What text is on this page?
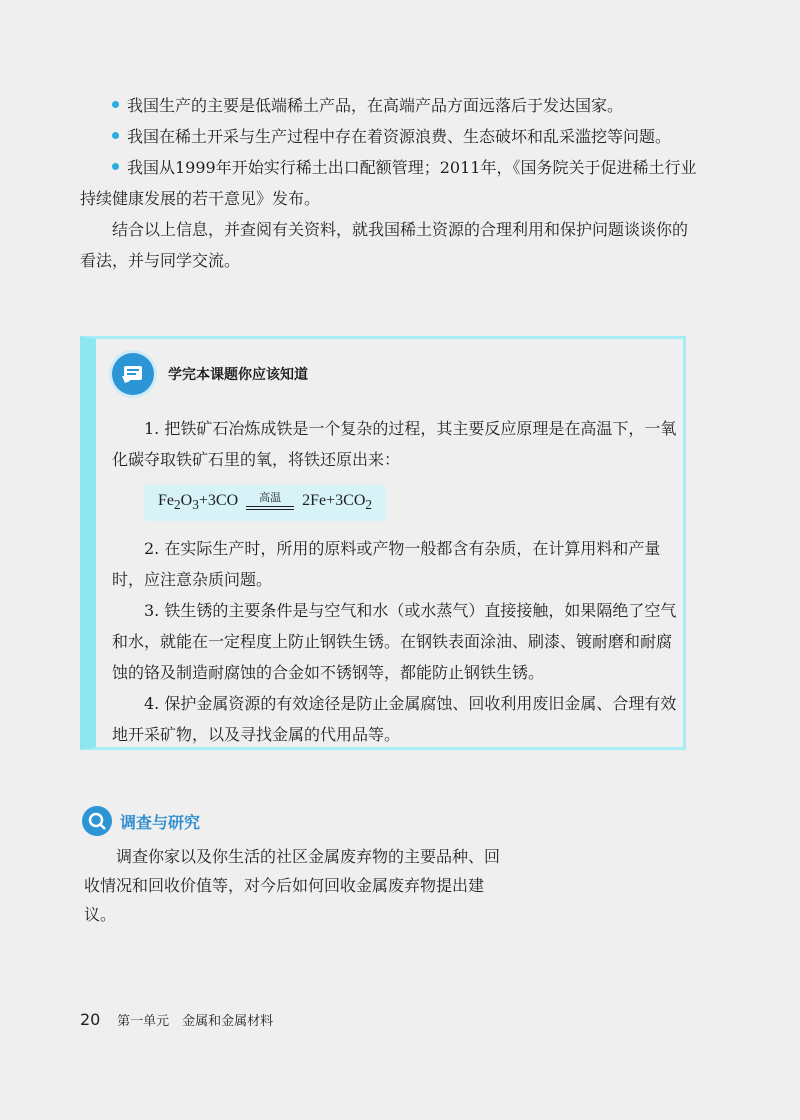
我国生产的主要是低端稀土产品，在高端产品方面远落后于发达国家。

我国在稀土开采与生产过程中存在着资源浪费、生态破坏和乱采滥挖等问题。

我国从1999年开始实行稀土出口配额管理；2011年，《国务院关于促进稀土行业持续健康发展的若干意见》发布。

结合以上信息，并查阅有关资料，就我国稀土资源的合理利用和保护问题谈谈你的看法，并与同学交流。

学完本课题你应该知道

1. 把铁矿石冶炼成铁是一个复杂的过程，其主要反应原理是在高温下，一氧化碳夺取铁矿石里的氧，将铁还原出来：

$Fe_2O_3+3CO$	高温	$2Fe+3CO_2$

2. 在实际生产时，所用的原料或产物一般都含有杂质，在计算用料和产量时，应注意杂质问题。

3. 铁生锈的主要条件是与空气和水（或水蒸气）直接接触，如果隔绝了空气和水，就能在一定程度上防止钢铁生锈。在钢铁表面涂油、刷漆、镀耐磨和耐腐蚀的铬及制造耐腐蚀的合金如不锈钢等，都能防止钢铁生锈。

4. 保护金属资源的有效途径是防止金属腐蚀、回收利用废旧金属、合理有效地开采矿物，以及寻找金属的代用品等。

调查与研究

调查你家以及你生活的社区金属废弃物的主要品种、回收情况和回收价值等，对今后如何回收金属废弃物提出建议。

20 第一单元　金属和金属材料
